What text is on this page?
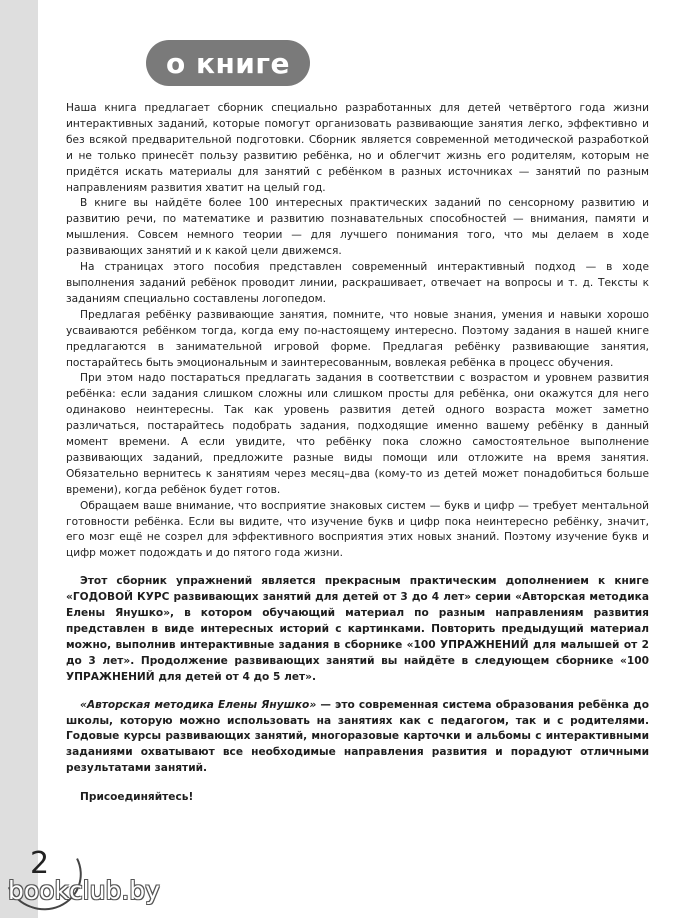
о книге

Наша книга предлагает сборник специально разработанных для детей четвёртого года жизни интерактивных заданий, которые помогут организовать развивающие занятия легко, эффективно и без всякой предварительной подготовки. Сборник является современной методической разработкой и не только принесёт пользу развитию ребёнка, но и облегчит жизнь его родителям, которым не придётся искать материалы для занятий с ребёнком в разных источниках — занятий по разным направлениям развития хватит на целый год.

В книге вы найдёте более 100 интересных практических заданий по сенсорному развитию и развитию речи, по математике и развитию познавательных способностей — внимания, памяти и мышления. Совсем немного теории — для лучшего понимания того, что мы делаем в ходе развивающих занятий и к какой цели движемся.

На страницах этого пособия представлен современный интерактивный подход — в ходе выполнения заданий ребёнок проводит линии, раскрашивает, отвечает на вопросы и т. д. Тексты к заданиям специально составлены логопедом.

Предлагая ребёнку развивающие занятия, помните, что новые знания, умения и навыки хорошо усваиваются ребёнком тогда, когда ему по-настоящему интересно. Поэтому задания в нашей книге предлагаются в занимательной игровой форме. Предлагая ребёнку развивающие занятия, постарайтесь быть эмоциональным и заинтересованным, вовлекая ребёнка в процесс обучения.

При этом надо постараться предлагать задания в соответствии с возрастом и уровнем развития ребёнка: если задания слишком сложны или слишком просты для ребёнка, они окажутся для него одинаково неинтересны. Так как уровень развития детей одного возраста может заметно различаться, постарайтесь подобрать задания, подходящие именно вашему ребёнку в данный момент времени. А если увидите, что ребёнку пока сложно самостоятельное выполнение развивающих заданий, предложите разные виды помощи или отложите на время занятия. Обязательно вернитесь к занятиям через месяц–два (кому-то из детей может понадобиться больше времени), когда ребёнок будет готов.

Обращаем ваше внимание, что восприятие знаковых систем — букв и цифр — требует ментальной готовности ребёнка. Если вы видите, что изучение букв и цифр пока неинтересно ребёнку, значит, его мозг ещё не созрел для эффективного восприятия этих новых знаний. Поэтому изучение букв и цифр может подождать и до пятого года жизни.

Этот сборник упражнений является прекрасным практическим дополнением к книге «ГОДОВОЙ КУРС развивающих занятий для детей от 3 до 4 лет» серии «Авторская методика Елены Янушко», в котором обучающий материал по разным направлениям развития представлен в виде интересных историй с картинками. Повторить предыдущий материал можно, выполнив интерактивные задания в сборнике «100 УПРАЖНЕНИЙ для малышей от 2 до 3 лет». Продолжение развивающих занятий вы найдёте в следующем сборнике «100 УПРАЖНЕНИЙ для детей от 4 до 5 лет».

«Авторская методика Елены Янушко» — это современная система образования ребёнка до школы, которую можно использовать на занятиях как с педагогом, так и с родителями. Годовые курсы развивающих занятий, многоразовые карточки и альбомы с интерактивными заданиями охватывают все необходимые направления развития и порадуют отличными результатами занятий.

Присоединяйтесь!

2
bookclub.by
